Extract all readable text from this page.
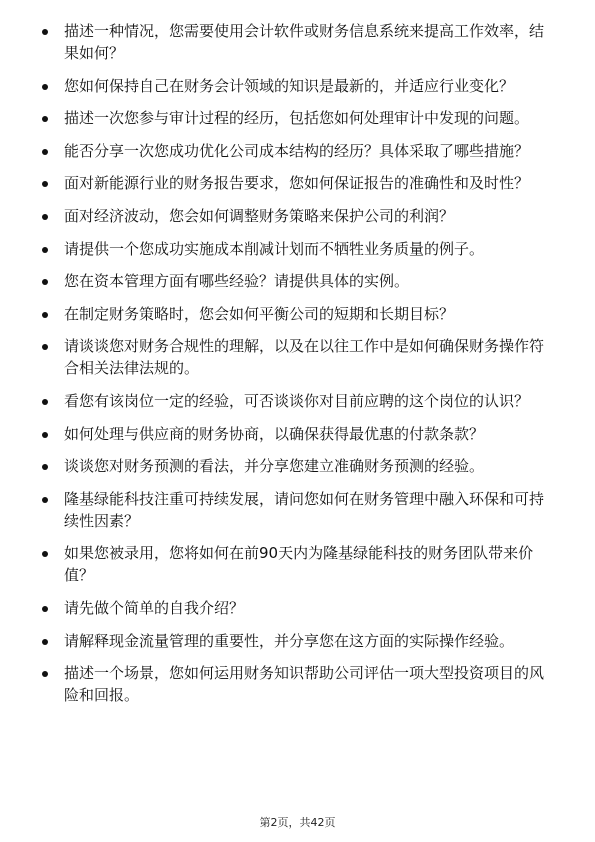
描述一种情况，您需要使用会计软件或财务信息系统来提高工作效率，结果如何？
您如何保持自己在财务会计领域的知识是最新的，并适应行业变化？
描述一次您参与审计过程的经历，包括您如何处理审计中发现的问题。
能否分享一次您成功优化公司成本结构的经历？具体采取了哪些措施？
面对新能源行业的财务报告要求，您如何保证报告的准确性和及时性？
面对经济波动，您会如何调整财务策略来保护公司的利润？
请提供一个您成功实施成本削减计划而不牺牲业务质量的例子。
您在资本管理方面有哪些经验？请提供具体的实例。
在制定财务策略时，您会如何平衡公司的短期和长期目标？
请谈谈您对财务合规性的理解，以及在以往工作中是如何确保财务操作符合相关法律法规的。
看您有该岗位一定的经验，可否谈谈你对目前应聘的这个岗位的认识？
如何处理与供应商的财务协商，以确保获得最优惠的付款条款？
谈谈您对财务预测的看法，并分享您建立准确财务预测的经验。
隆基绿能科技注重可持续发展，请问您如何在财务管理中融入环保和可持续性因素？
如果您被录用，您将如何在前90天内为隆基绿能科技的财务团队带来价值？
请先做个简单的自我介绍？
请解释现金流量管理的重要性，并分享您在这方面的实际操作经验。
描述一个场景，您如何运用财务知识帮助公司评估一项大型投资项目的风险和回报。
第2页，共42页
